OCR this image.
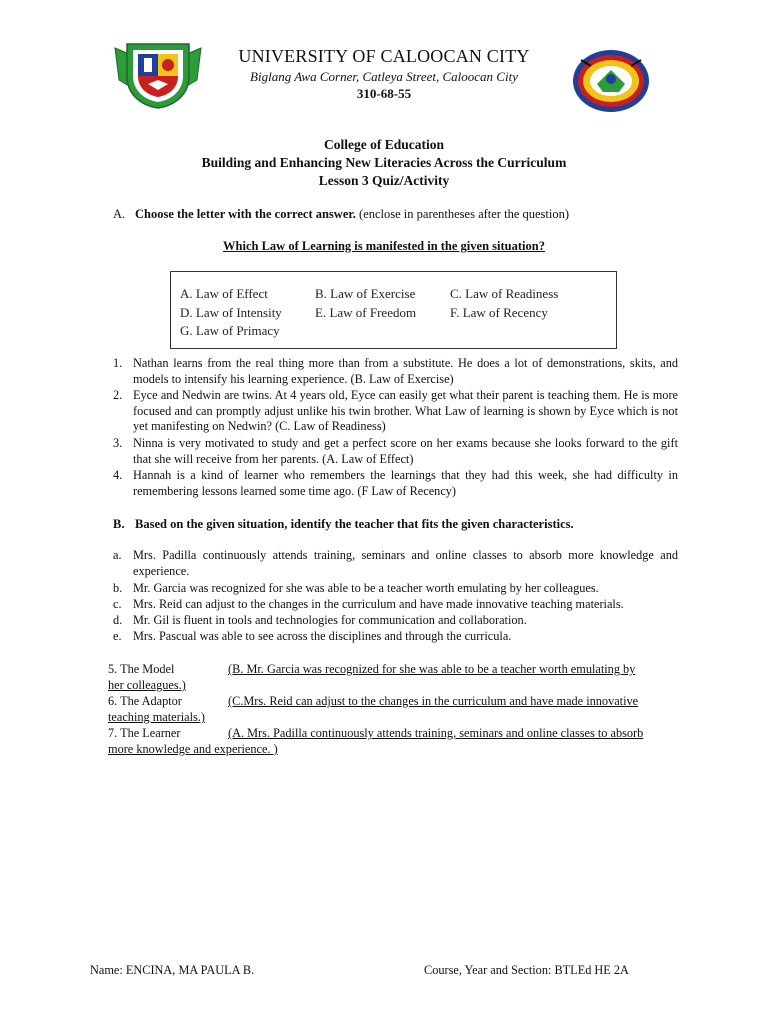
UNIVERSITY OF CALOOCAN CITY
Biglang Awa Corner, Catleya Street, Caloocan City
310-68-55
College of Education
Building and Enhancing New Literacies Across the Curriculum
Lesson 3 Quiz/Activity
A. Choose the letter with the correct answer. (enclose in parentheses after the question)
Which Law of Learning is manifested in the given situation?
A. Law of Effect	B. Law of Exercise	C. Law of Readiness
D. Law of Intensity	E. Law of Freedom	F. Law of Recency
G. Law of Primacy
1. Nathan learns from the real thing more than from a substitute. He does a lot of demonstrations, skits, and models to intensify his learning experience. (B. Law of Exercise)
2. Eyce and Nedwin are twins. At 4 years old, Eyce can easily get what their parent is teaching them. He is more focused and can promptly adjust unlike his twin brother. What Law of learning is shown by Eyce which is not yet manifesting on Nedwin? (C. Law of Readiness)
3. Ninna is very motivated to study and get a perfect score on her exams because she looks forward to the gift that she will receive from her parents. (A. Law of Effect)
4. Hannah is a kind of learner who remembers the learnings that they had this week, she had difficulty in remembering lessons learned some time ago. (F Law of Recency)
B. Based on the given situation, identify the teacher that fits the given characteristics.
a. Mrs. Padilla continuously attends training, seminars and online classes to absorb more knowledge and experience.
b. Mr. Garcia was recognized for she was able to be a teacher worth emulating by her colleagues.
c. Mrs. Reid can adjust to the changes in the curriculum and have made innovative teaching materials.
d. Mr. Gil is fluent in tools and technologies for communication and collaboration.
e. Mrs. Pascual was able to see across the disciplines and through the curricula.
5. The Model	(B. Mr. Garcia was recognized for she was able to be a teacher worth emulating by
her colleagues.)
6. The Adaptor	(C.Mrs. Reid can adjust to the changes in the curriculum and have made innovative
teaching materials.)
7. The Learner	(A. Mrs. Padilla continuously attends training, seminars and online classes to absorb
more knowledge and experience. )
Name: ENCINA, MA PAULA B.	Course, Year and Section: BTLEd HE 2A
